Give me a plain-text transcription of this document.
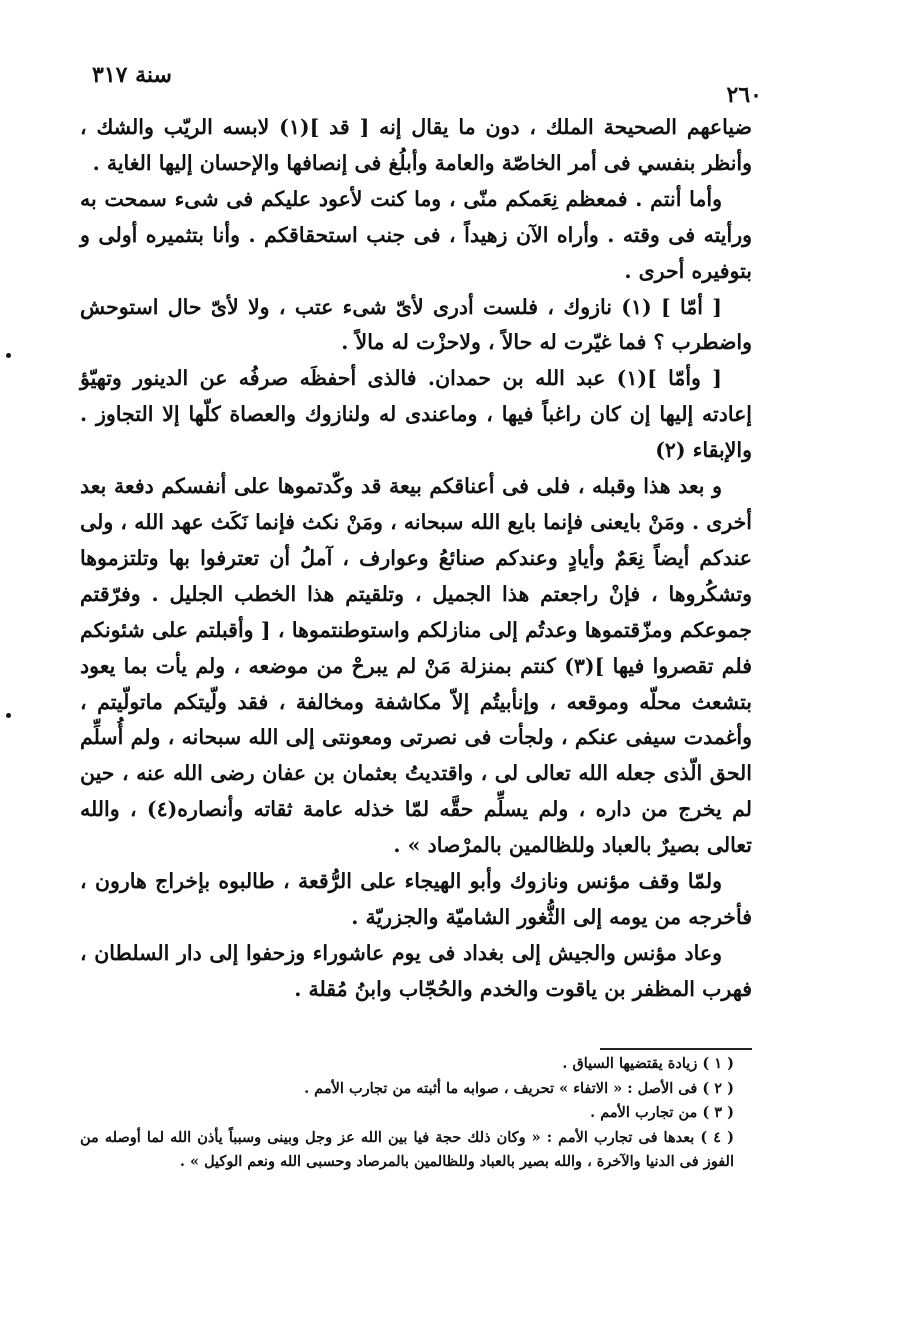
سنة ٣١٧
٢٦٠

ضياعهم الصحيحة الملك ، دون ما يقال إنه [ قد ](١) لابسه الريّب والشك ، وأنظر بنفسي فى أمر الخاصّة والعامة وأبلُغ فى إنصافها والإحسان إليها الغاية .

وأما أنتم . فمعظم نِعَمكم منّى ، وما كنت لأعود عليكم فى شىء سمحت به ورأيته فى وقته . وأراه الآن زهيداً ، فى جنب استحقاقكم . وأنا بتثميره أولى و بتوفيره أحرى .

[ أمّا ] (١) نازوك ، فلست أدرى لأىّ شىء عتب ، ولا لأىّ حال استوحش واضطرب ؟ فما غيّرت له حالاً ، ولاحزْت له مالاً .

[ وأمّا ](١) عبد الله بن حمدان. فالذى أحفظَه صرفُه عن الدينور وتهيّؤ إعادته إليها إن كان راغباً فيها ، وماعندى له ولنازوك والعصاة كلّها إلا التجاوز . والإبقاء (٢)

و بعد هذا وقبله ، فلى فى أعناقكم بيعة قد وكّدتموها على أنفسكم دفعة بعد أخرى . ومَنْ بايعنى فإنما بايع الله سبحانه ، ومَنْ نكث فإنما نَكَث عهد الله ، ولى عندكم أيضاً نِعَمٌ وأيادٍ وعندكم صنائعُ وعوارف ، آملُ أن تعترفوا بها وتلتزموها وتشكُروها ، فإنْ راجعتم هذا الجميل ، وتلقيتم هذا الخطب الجليل . وفرّقتم جموعكم ومزّقتموها وعدتُم إلى منازلكم واستوطنتموها ، [ وأقبلتم على شئونكم فلم تقصروا فيها ](٣) كنتم بمنزلة مَنْ لم يبرحْ من موضعه ، ولم يأت بما يعود بتشعث محلّه وموقعه ، وإنأبيتُم إلاّ مكاشفة ومخالفة ، فقد ولّيتكم ماتولّيتم ، وأغمدت سيفى عنكم ، ولجأت فى نصرتى ومعونتى إلى الله سبحانه ، ولم أُسلِّم الحق الّذى جعله الله تعالى لى ، واقتديتُ بعثمان بن عفان رضى الله عنه ، حين لم يخرج من داره ، ولم يسلِّم حقَّه لمّا خذله عامة ثقاته وأنصاره(٤) ، والله تعالى بصيرٌ بالعباد وللظالمين بالمرْصاد » .

ولمّا وقف مؤنس ونازوك وأبو الهيجاء على الرُّقعة ، طالبوه بإخراج هارون ، فأخرجه من يومه إلى الثُّغور الشاميّة والجزريّة .

وعاد مؤنس والجيش إلى بغداد فى يوم عاشوراء وزحفوا إلى دار السلطان ، فهرب المظفر بن ياقوت والخدم والحُجّاب وابنُ مُقلة .

( ١ ) زيادة يقتضيها السياق .

( ٢ ) فى الأصل : « الاتفاء » تحريف ، صوابه ما أثبته من تجارب الأمم .

( ٣ ) من تجارب الأمم .

( ٤ ) بعدها فى تجارب الأمم : « وكان ذلك حجة فيا بين الله عز وجل وبينى وسبباً يأذن الله لما أوصله من الفوز فى الدنيا والآخرة ، والله بصير بالعباد وللظالمين بالمرصاد وحسبى الله ونعم الوكيل » .
